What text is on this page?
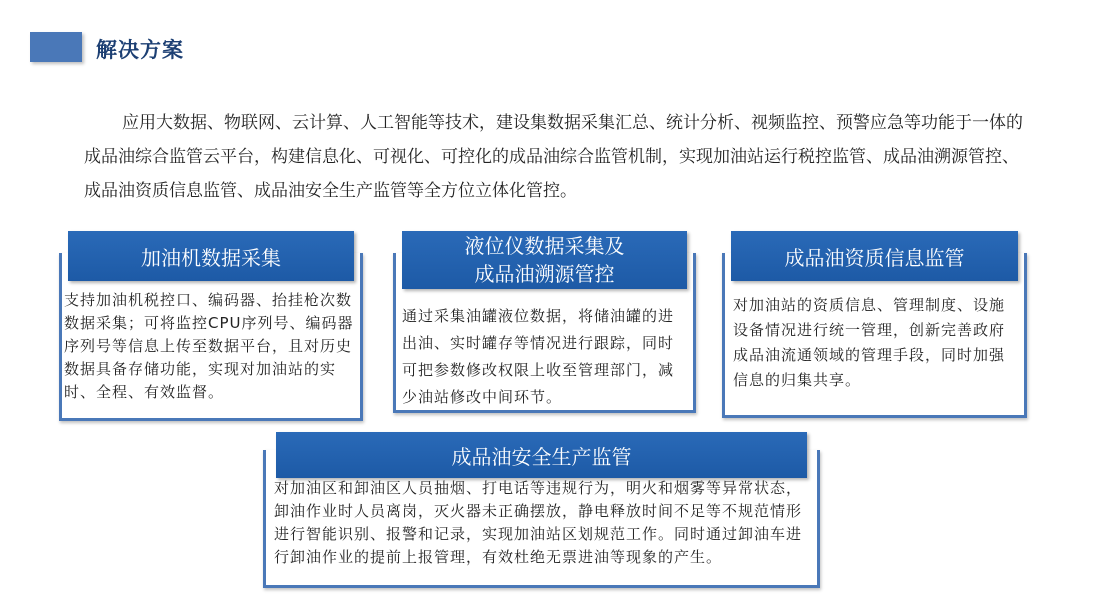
解决方案

应用大数据、物联网、云计算、人工智能等技术，建设集数据采集汇总、统计分析、视频监控、预警应急等功能于一体的成品油综合监管云平台，构建信息化、可视化、可控化的成品油综合监管机制，实现加油站运行税控监管、成品油溯源管控、成品油资质信息监管、成品油安全生产监管等全方位立体化管控。

加油机数据采集
支持加油机税控口、编码器、抬挂枪次数数据采集；可将监控CPU序列号、编码器序列号等信息上传至数据平台，且对历史数据具备存储功能，实现对加油站的实时、全程、有效监督。
液位仪数据采集及
成品油溯源管控
通过采集油罐液位数据，将储油罐的进出油、实时罐存等情况进行跟踪，同时可把参数修改权限上收至管理部门，减少油站修改中间环节。
成品油资质信息监管
对加油站的资质信息、管理制度、设施设备情况进行统一管理，创新完善政府成品油流通领域的管理手段，同时加强信息的归集共享。
成品油安全生产监管
对加油区和卸油区人员抽烟、打电话等违规行为，明火和烟雾等异常状态，卸油作业时人员离岗，灭火器未正确摆放，静电释放时间不足等不规范情形进行智能识别、报警和记录，实现加油站区划规范工作。同时通过卸油车进行卸油作业的提前上报管理，有效杜绝无票进油等现象的产生。
